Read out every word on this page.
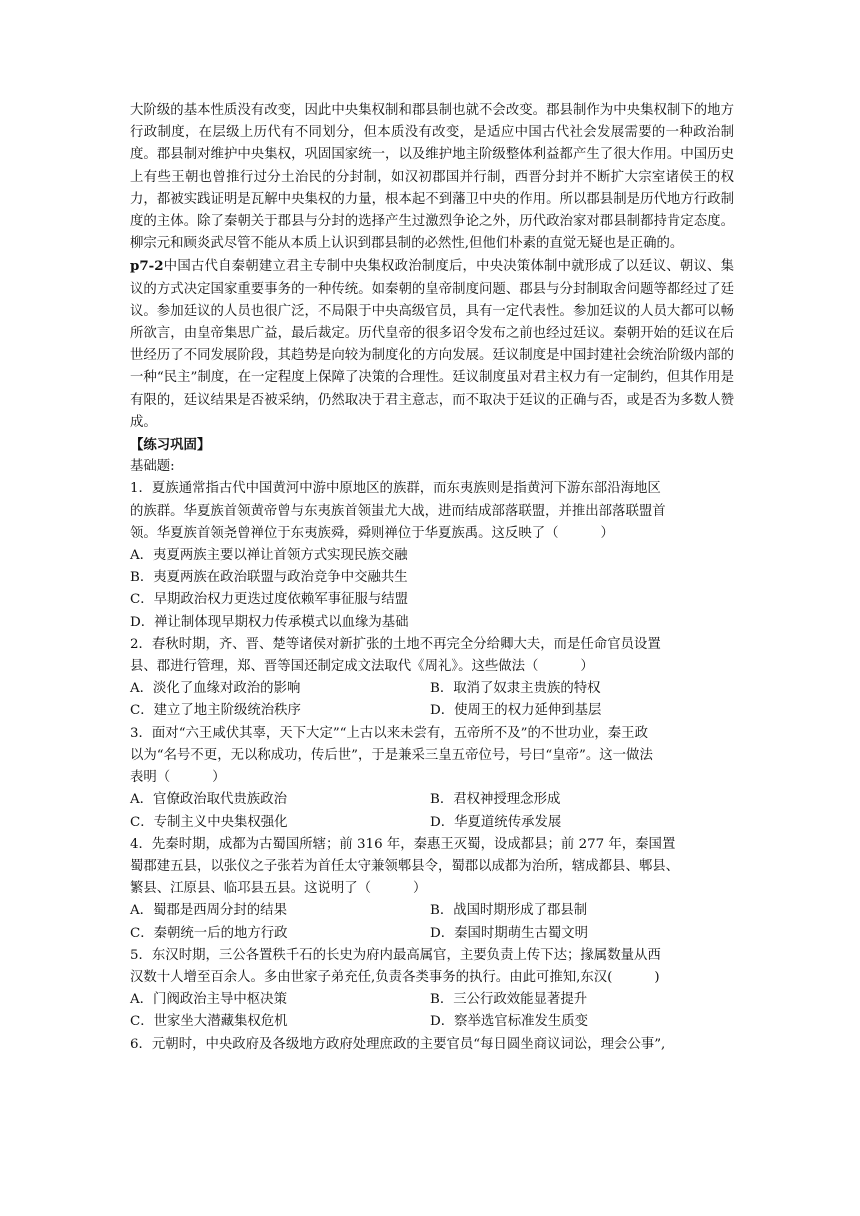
大阶级的基本性质没有改变，因此中央集权制和郡县制也就不会改变。郡县制作为中央集权制下的地方行政制度，在层级上历代有不同划分，但本质没有改变，是适应中国古代社会发展需要的一种政治制度。郡县制对维护中央集权，巩固国家统一，以及维护地主阶级整体利益都产生了很大作用。中国历史上有些王朝也曾推行过分土治民的分封制，如汉初郡国并行制，西晋分封并不断扩大宗室诸侯王的权力，都被实践证明是瓦解中央集权的力量，根本起不到藩卫中央的作用。所以郡县制是历代地方行政制度的主体。除了秦朝关于郡县与分封的选择产生过激烈争论之外，历代政治家对郡县制都持肯定态度。柳宗元和顾炎武尽管不能从本质上认识到郡县制的必然性,但他们朴素的直觉无疑也是正确的。

p7-2中国古代自秦朝建立君主专制中央集权政治制度后，中央决策体制中就形成了以廷议、朝议、集议的方式决定国家重要事务的一种传统。如秦朝的皇帝制度问题、郡县与分封制取舍问题等都经过了廷议。参加廷议的人员也很广泛，不局限于中央高级官员，具有一定代表性。参加廷议的人员大都可以畅所欲言，由皇帝集思广益，最后裁定。历代皇帝的很多诏令发布之前也经过廷议。秦朝开始的廷议在后世经历了不同发展阶段，其趋势是向较为制度化的方向发展。廷议制度是中国封建社会统治阶级内部的一种“民主”制度，在一定程度上保障了决策的合理性。廷议制度虽对君主权力有一定制约，但其作用是有限的，廷议结果是否被采纳，仍然取决于君主意志，而不取决于廷议的正确与否，或是否为多数人赞成。

【练习巩固】

基础题:

1．夏族通常指古代中国黄河中游中原地区的族群，而东夷族则是指黄河下游东部沿海地区

的族群。华夏族首领黄帝曾与东夷族首领蚩尤大战，进而结成部落联盟，并推出部落联盟首

领。华夏族首领尧曾禅位于东夷族舜，舜则禅位于华夏族禹。这反映了（	）

A．夷夏两族主要以禅让首领方式实现民族交融

B．夷夏两族在政治联盟与政治竞争中交融共生

C．早期政治权力更迭过度依赖军事征服与结盟

D．禅让制体现早期权力传承模式以血缘为基础

2．春秋时期，齐、晋、楚等诸侯对新扩张的土地不再完全分给卿大夫，而是任命官员设置

县、郡进行管理，郑、晋等国还制定成文法取代《周礼》。这些做法（	）

A．淡化了血缘对政治的影响	B．取消了奴隶主贵族的特权
C．建立了地主阶级统治秩序	D．使周王的权力延伸到基层

3．面对“六王咸伏其辜，天下大定”“上古以来未尝有，五帝所不及”的不世功业，秦王政

以为“名号不更，无以称成功，传后世”，于是兼采三皇五帝位号，号曰“皇帝”。这一做法

表明（	）

A．官僚政治取代贵族政治	B．君权神授理念形成
C．专制主义中央集权强化	D．华夏道统传承发展

4．先秦时期，成都为古蜀国所辖；前 316 年，秦惠王灭蜀，设成都县；前 277 年，秦国置

蜀郡建五县，以张仪之子张若为首任太守兼领郫县令，蜀郡以成都为治所，辖成都县、郫县、

繁县、江原县、临邛县五县。这说明了（	）

A．蜀郡是西周分封的结果	B．战国时期形成了郡县制
C．秦朝统一后的地方行政	D．秦国时期萌生古蜀文明

5．东汉时期，三公各置秩千石的长史为府内最高属官，主要负责上传下达；掾属数量从西

汉数十人增至百余人。多由世家子弟充任,负责各类事务的执行。由此可推知,东汉(	)

A．门阀政治主导中枢决策	B．三公行政效能显著提升
C．世家坐大潜藏集权危机	D．察举选官标准发生质变

6．元朝时，中央政府及各级地方政府处理庶政的主要官员“每日圆坐商议词讼，理会公事”,
